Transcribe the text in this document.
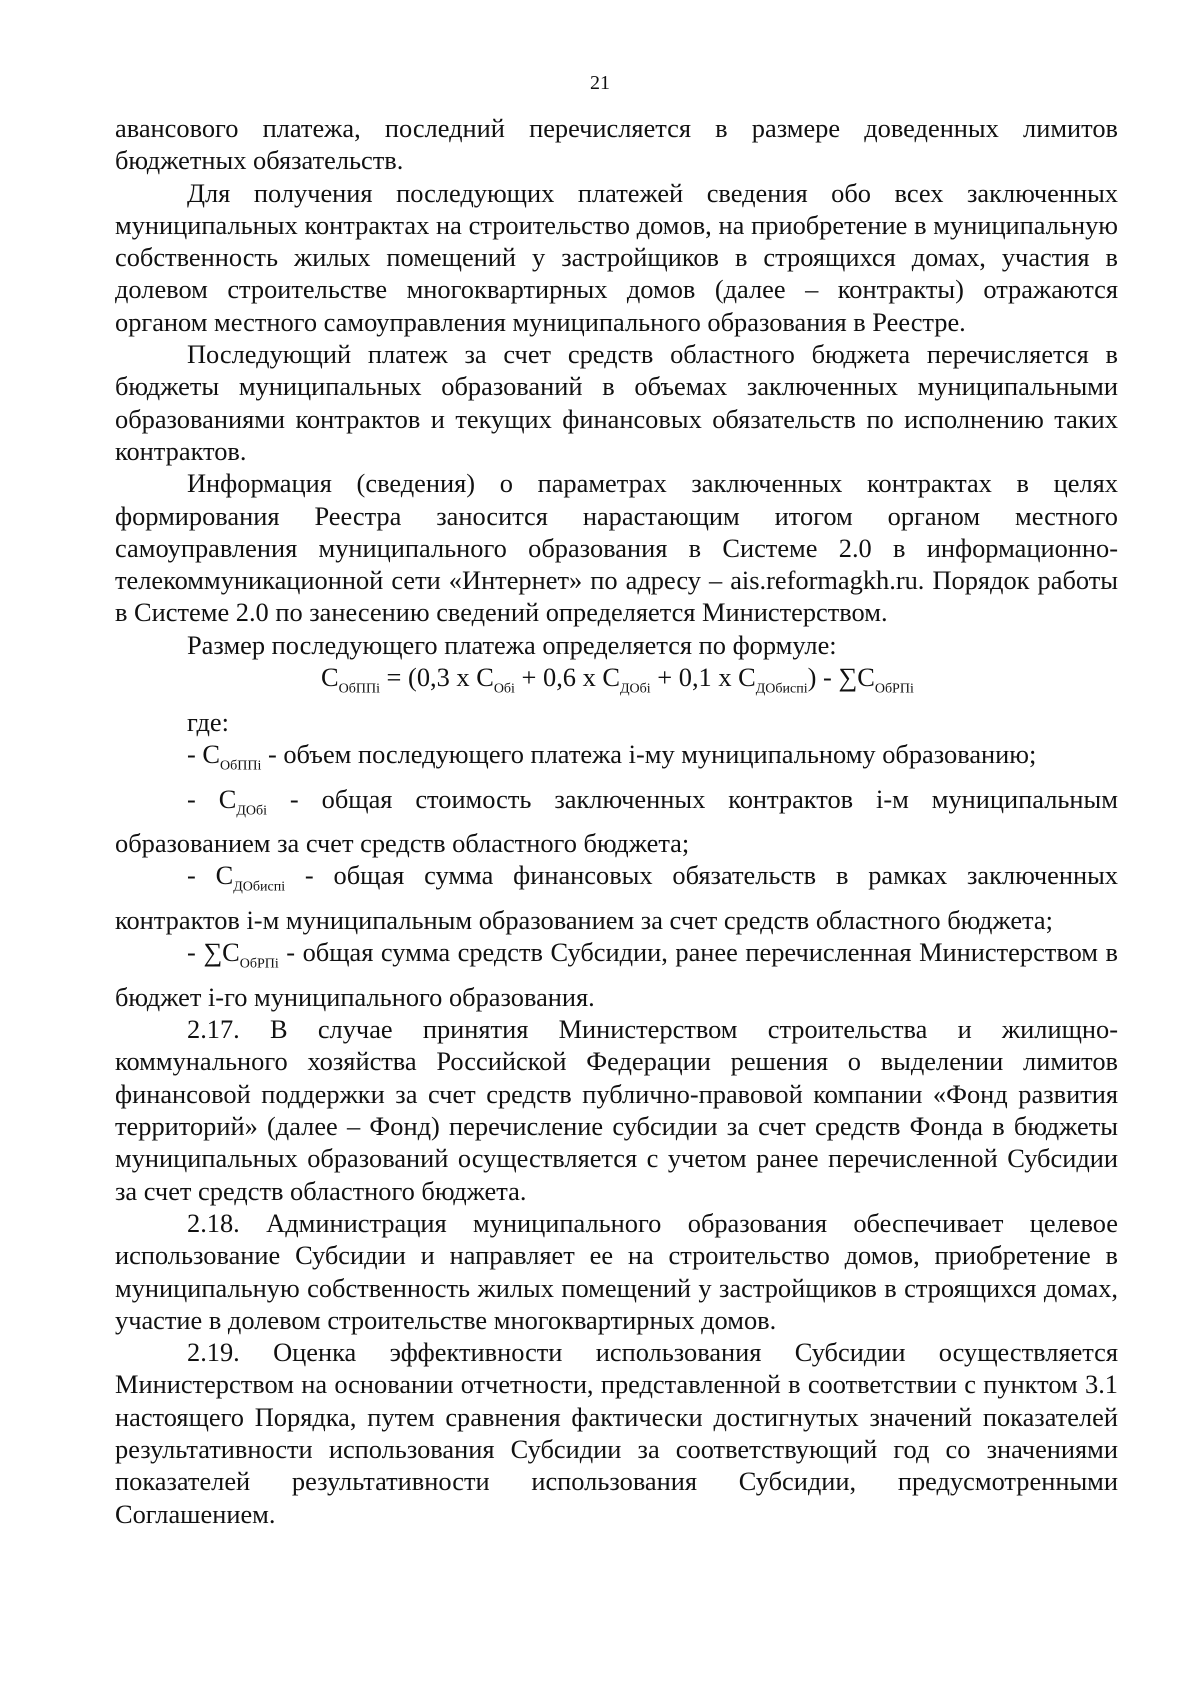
21

авансового платежа, последний перечисляется в размере доведенных лимитов бюджетных обязательств.

Для получения последующих платежей сведения обо всех заключенных муниципальных контрактах на строительство домов, на приобретение в муниципальную собственность жилых помещений у застройщиков в строящихся домах, участия в долевом строительстве многоквартирных домов (далее – контракты) отражаются органом местного самоуправления муниципального образования в Реестре.

Последующий платеж за счет средств областного бюджета перечисляется в бюджеты муниципальных образований в объемах заключенных муниципальными образованиями контрактов и текущих финансовых обязательств по исполнению таких контрактов.

Информация (сведения) о параметрах заключенных контрактах в целях формирования Реестра заносится нарастающим итогом органом местного самоуправления муниципального образования в Системе 2.0 в информационно-телекоммуникационной сети «Интернет» по адресу – ais.reformagkh.ru. Порядок работы в Системе 2.0 по занесению сведений определяется Министерством.

Размер последующего платежа определяется по формуле:

$С_{ОбППi} = (0,3$ х $С_{Обi} + 0,6$ х $С_{ДОбi} + 0,1$ х $С_{ДОбиспi}) - \sum С_{ОбРПi}$

где:

- $С_{ОбППi}$ - объем последующего платежа i-му муниципальному образованию;

- $С_{ДОбi}$ - общая стоимость заключенных контрактов i-м муниципальным образованием за счет средств областного бюджета;

- $С_{ДОбиспi}$ - общая сумма финансовых обязательств в рамках заключенных контрактов i-м муниципальным образованием за счет средств областного бюджета;

- $\sum С_{ОбРПi}$ - общая сумма средств Субсидии, ранее перечисленная Министерством в бюджет i-го муниципального образования.

2.17. В случае принятия Министерством строительства и жилищно-коммунального хозяйства Российской Федерации решения о выделении лимитов финансовой поддержки за счет средств публично-правовой компании «Фонд развития территорий» (далее – Фонд) перечисление субсидии за счет средств Фонда в бюджеты муниципальных образований осуществляется с учетом ранее перечисленной Субсидии за счет средств областного бюджета.

2.18. Администрация муниципального образования обеспечивает целевое использование Субсидии и направляет ее на строительство домов, приобретение в муниципальную собственность жилых помещений у застройщиков в строящихся домах, участие в долевом строительстве многоквартирных домов.

2.19. Оценка эффективности использования Субсидии осуществляется Министерством на основании отчетности, представленной в соответствии с пунктом 3.1 настоящего Порядка, путем сравнения фактически достигнутых значений показателей результативности использования Субсидии за соответствующий год со значениями показателей результативности использования Субсидии, предусмотренными Соглашением.
